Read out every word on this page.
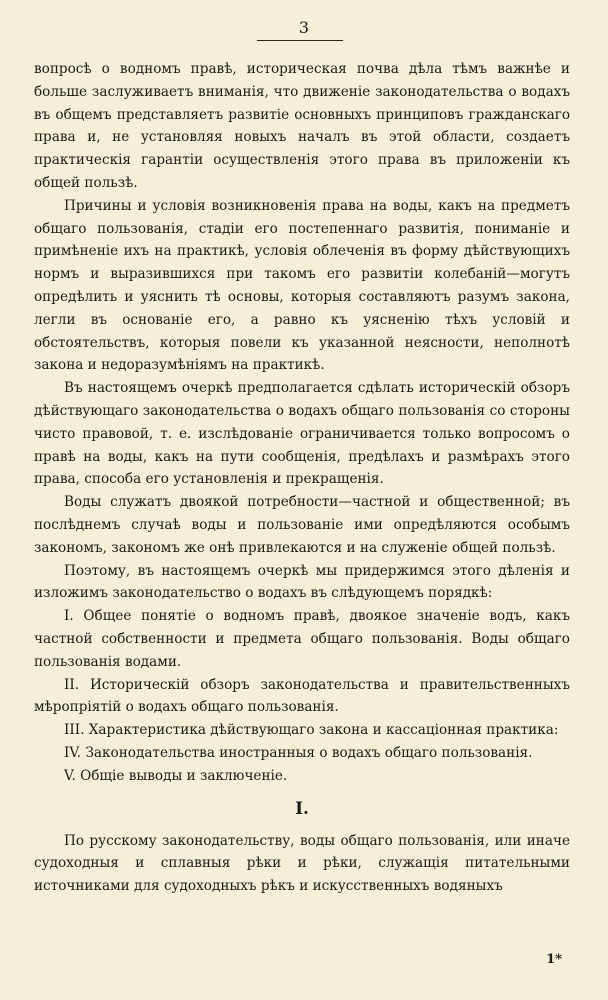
3

вопросѣ о водномъ правѣ, историческая почва дѣла тѣмъ важнѣе и больше заслуживаетъ вниманія, что движеніе законодательства о водахъ въ общемъ представляетъ развитіе основныхъ принциповъ гражданскаго права и, не установляя новыхъ началъ въ этой области, создаетъ практическія гарантіи осуществленія этого права въ приложеніи къ общей пользѣ.

Причины и условія возникновенія права на воды, какъ на предметъ общаго пользованія, стадіи его постепеннаго развитія, пониманіе и примѣненіе ихъ на практикѣ, условія облеченія въ форму дѣйствующихъ нормъ и выразившихся при такомъ его развитіи колебаній—могутъ опредѣлить и уяснить тѣ основы, которыя составляютъ разумъ закона, легли въ основаніе его, а равно къ уясненію тѣхъ условій и обстоятельствъ, которыя повели къ указанной неясности, неполнотѣ закона и недоразумѣніямъ на практикѣ.

Въ настоящемъ очеркѣ предполагается сдѣлать историческій обзоръ дѣйствующаго законодательства о водахъ общаго пользованія со стороны чисто правовой, т. е. изслѣдованіе ограничивается только вопросомъ о правѣ на воды, какъ на пути сообщенія, предѣлахъ и размѣрахъ этого права, способа его установленія и прекращенія.

Воды служатъ двоякой потребности—частной и общественной; въ послѣднемъ случаѣ воды и пользованіе ими опредѣляются особымъ закономъ, закономъ же онѣ привлекаются и на служеніе общей пользѣ.

Поэтому, въ настоящемъ очеркѣ мы придержимся этого дѣленія и изложимъ законодательство о водахъ въ слѣдующемъ порядкѣ:

I. Общее понятіе о водномъ правѣ, двоякое значеніе водъ, какъ частной собственности и предмета общаго пользованія. Воды общаго пользованія водами.

II. Историческій обзоръ законодательства и правительственныхъ мѣропріятій о водахъ общаго пользованія.

III. Характеристика дѣйствующаго закона и кассаціонная практика:

IV. Законодательства иностранныя о водахъ общаго пользованія.

V. Общіе выводы и заключеніе.

I.

По русскому законодательству, воды общаго пользованія, или иначе судоходныя и сплавныя рѣки и рѣки, служащія питательными источниками для судоходныхъ рѣкъ и искусственныхъ водяныхъ

1*
